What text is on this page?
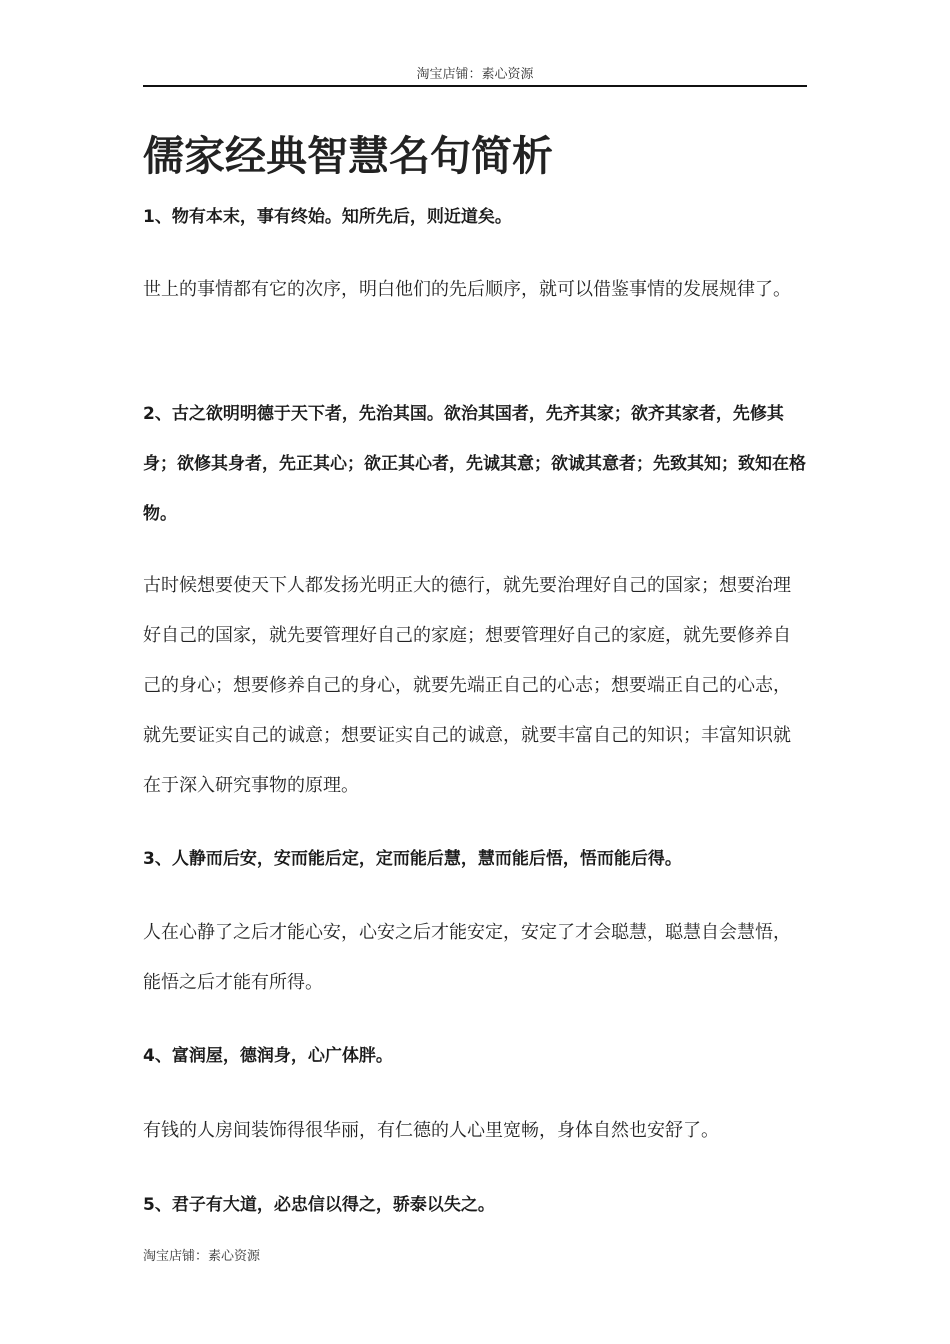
淘宝店铺：素心资源
儒家经典智慧名句简析

1、物有本末，事有终始。知所先后，则近道矣。

世上的事情都有它的次序，明白他们的先后顺序，就可以借鉴事情的发展规律了。

2、古之欲明明德于天下者，先治其国。欲治其国者，先齐其家；欲齐其家者，先修其身；欲修其身者，先正其心；欲正其心者，先诚其意；欲诚其意者；先致其知；致知在格物。

古时候想要使天下人都发扬光明正大的德行，就先要治理好自己的国家；想要治理好自己的国家，就先要管理好自己的家庭；想要管理好自己的家庭，就先要修养自己的身心；想要修养自己的身心，就要先端正自己的心志；想要端正自己的心志，就先要证实自己的诚意；想要证实自己的诚意，就要丰富自己的知识；丰富知识就在于深入研究事物的原理。

3、人静而后安，安而能后定，定而能后慧，慧而能后悟，悟而能后得。

人在心静了之后才能心安，心安之后才能安定，安定了才会聪慧，聪慧自会慧悟，能悟之后才能有所得。

4、富润屋，德润身，心广体胖。

有钱的人房间装饰得很华丽，有仁德的人心里宽畅，身体自然也安舒了。

5、君子有大道，必忠信以得之，骄泰以失之。

淘宝店铺：素心资源
